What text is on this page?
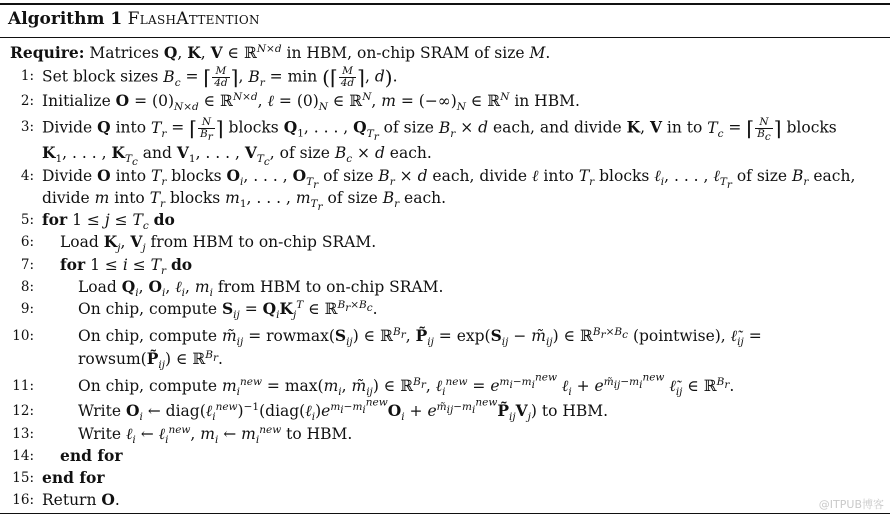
Algorithm 1 FlashAttention
Require: Matrices Q, K, V ∈ ℝ$^{N\times d}$ in HBM, on-chip SRAM of size M.
1: Set block sizes $B_c$ = ⌈ $\frac{M}{4d}$ ⌉, $B_r = \min$ (⌈ $\frac{M}{4d}$ ⌉, d).
2: Initialize $O = (0)_{N\times d}$ ∈ ℝ$^{N\times d}$, ℓ = $(0)_N$ ∈ ℝ$^N$, $m = (-\infty)_N$ ∈ ℝ$^N$ in HBM.
3: Divide Q into $T_r$ = ⌈ $\frac{N}{B_r}$ ⌉ blocks $Q_1$, . . . , $Q_{T_r}$ of size $B_r \times d$ each, and divide K, V in to $T_c$ = ⌈ $\frac{N}{B_c}$ ⌉ blocks
$K_1$, . . . , $K_{T_c}$ and $V_1$, . . . , $V_{T_c}$, of size $B_c \times d$ each.
4: Divide O into $T_r$ blocks $O_i$, . . . , $O_{T_r}$ of size $B_r \times d$ each, divide ℓ into $T_r$ blocks ℓ$_i$, . . . , ℓ$_{T_r}$ of size $B_r$ each,
divide m into $T_r$ blocks $m_1$, . . . , $m_{T_r}$ of size $B_r$ each.
5: for $1 \le j \le T_c$ do
6: Load $K_j$, $V_j$ from HBM to on-chip SRAM.
7: for $1 \le i \le T_r$ do
8:	Load $Q_i$, $O_i$, ℓ$_i$, $m_i$ from HBM to on-chip SRAM.
9:	On chip, compute $S_{ij} = Q_iK_j^T$ ∈ ℝ$^{B_r\times B_c}$.
10:	On chip, compute $m̃_{ij} = rowmax(S_{ij})$ ∈ ℝ$^{B_r}$, $P̃_{ij} = \exp(S_{ij}$ − $m̃_{ij}$) ∈ ℝ$^{B_r\times B_c}$ (pointwise), $\ell̃_{ij}$ =
$rowsum(P̃_{ij})$ ∈ ℝ$^{B_r}$.
11:	On chip, compute $m_i^{new} = \max(m_i$, $m̃_{ij}$) ∈ ℝ$^{B_r}$, ℓ$_i^{new}$ = $e^{m_i-m_i^{new}}$ ℓ$_i$ + $e^{m̃_{ij}-m_i^{new}}$ $\ell̃_{ij}$ ∈ ℝ$^{B_r}$.
12:	Write $O_i$ ← $diag(\ell_i^{new})^{-1}(diag(\ell_i)e^{m_i-m_i^{new}}O_i$ + $e^{m̃_{ij}-m_i^{new}}P̃_{ij}V_j$) to HBM.
13:	Write ℓ$_i$ ← ℓ$_i^{new}$, $m_i$ ← $m_i^{new}$ to HBM.
14: end for
15: end for
16: Return O.	@ITPUB博客
